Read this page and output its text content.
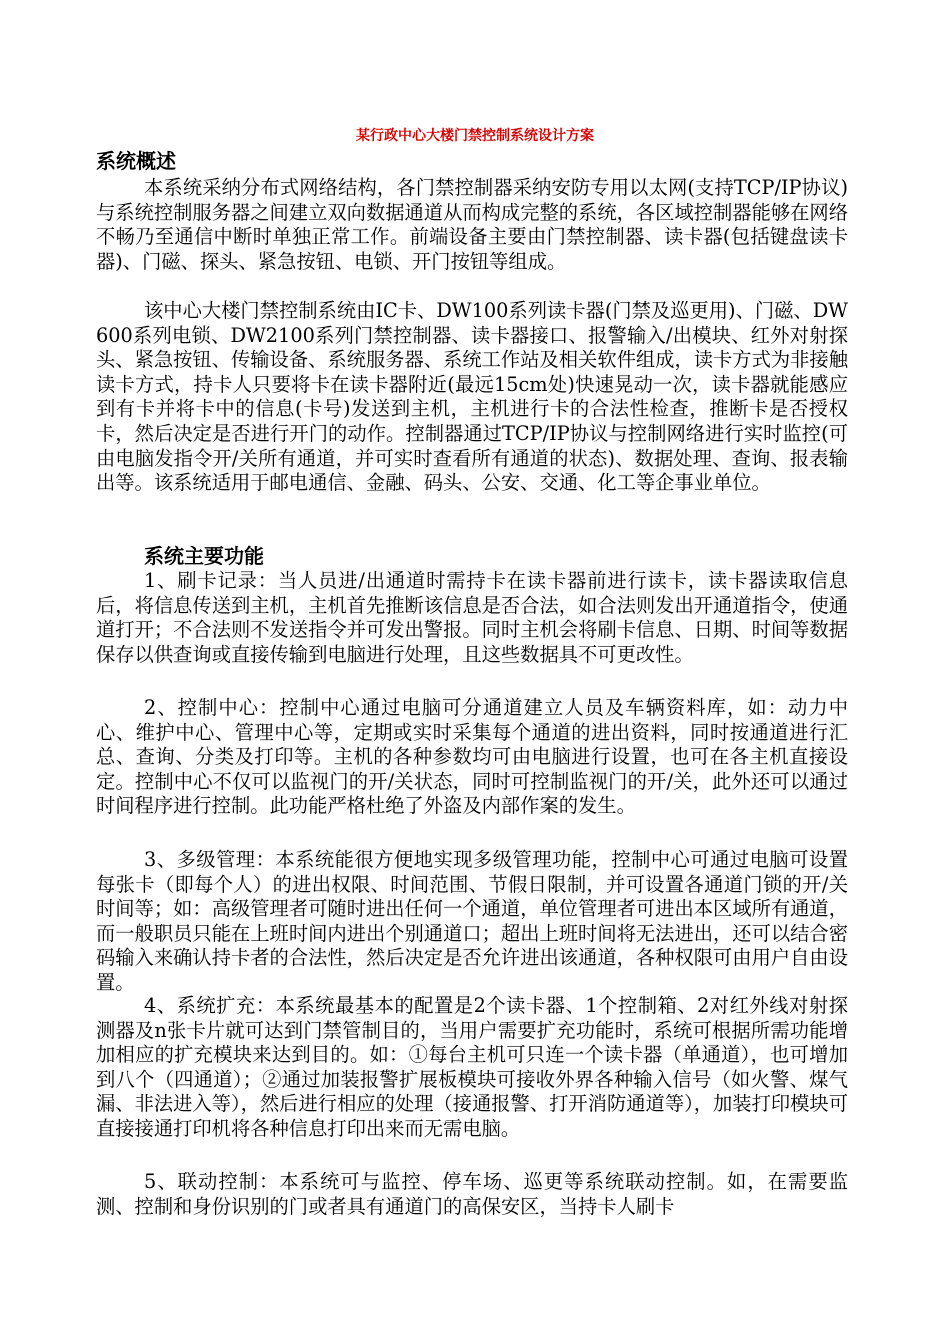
某行政中心大楼门禁控制系统设计方案
系统概述

本系统采纳分布式网络结构，各门禁控制器采纳安防专用以太网(支持TCP/IP协议)与系统控制服务器之间建立双向数据通道从而构成完整的系统，各区域控制器能够在网络不畅乃至通信中断时单独正常工作。前端设备主要由门禁控制器、读卡器(包括键盘读卡器)、门磁、探头、紧急按钮、电锁、开门按钮等组成。

该中心大楼门禁控制系统由IC卡、DW100系列读卡器(门禁及巡更用)、门磁、DW600系列电锁、DW2100系列门禁控制器、读卡器接口、报警输入/出模块、红外对射探头、紧急按钮、传输设备、系统服务器、系统工作站及相关软件组成，读卡方式为非接触读卡方式，持卡人只要将卡在读卡器附近(最远15cm处)快速晃动一次，读卡器就能感应到有卡并将卡中的信息(卡号)发送到主机，主机进行卡的合法性检查，推断卡是否授权卡，然后决定是否进行开门的动作。控制器通过TCP/IP协议与控制网络进行实时监控(可由电脑发指令开/关所有通道，并可实时查看所有通道的状态)、数据处理、查询、报表输出等。该系统适用于邮电通信、金融、码头、公安、交通、化工等企事业单位。

系统主要功能

1、刷卡记录：当人员进/出通道时需持卡在读卡器前进行读卡，读卡器读取信息后，将信息传送到主机，主机首先推断该信息是否合法，如合法则发出开通道指令，使通道打开；不合法则不发送指令并可发出警报。同时主机会将刷卡信息、日期、时间等数据保存以供查询或直接传输到电脑进行处理，且这些数据具不可更改性。

2、控制中心：控制中心通过电脑可分通道建立人员及车辆资料库，如：动力中心、维护中心、管理中心等，定期或实时采集每个通道的进出资料，同时按通道进行汇总、查询、分类及打印等。主机的各种参数均可由电脑进行设置，也可在各主机直接设定。控制中心不仅可以监视门的开/关状态，同时可控制监视门的开/关，此外还可以通过时间程序进行控制。此功能严格杜绝了外盗及内部作案的发生。

3、多级管理：本系统能很方便地实现多级管理功能，控制中心可通过电脑可设置每张卡（即每个人）的进出权限、时间范围、节假日限制，并可设置各通道门锁的开/关时间等；如：高级管理者可随时进出任何一个通道，单位管理者可进出本区域所有通道，而一般职员只能在上班时间内进出个别通道口；超出上班时间将无法进出，还可以结合密码输入来确认持卡者的合法性，然后决定是否允许进出该通道，各种权限可由用户自由设置。

4、系统扩充：本系统最基本的配置是2个读卡器、1个控制箱、2对红外线对射探测器及n张卡片就可达到门禁管制目的，当用户需要扩充功能时，系统可根据所需功能增加相应的扩充模块来达到目的。如：①每台主机可只连一个读卡器（单通道），也可增加到八个（四通道）；②通过加装报警扩展板模块可接收外界各种输入信号（如火警、煤气漏、非法进入等），然后进行相应的处理（接通报警、打开消防通道等），加装打印模块可直接接通打印机将各种信息打印出来而无需电脑。

5、联动控制：本系统可与监控、停车场、巡更等系统联动控制。如，在需要监测、控制和身份识别的门或者具有通道门的高保安区，当持卡人刷卡
